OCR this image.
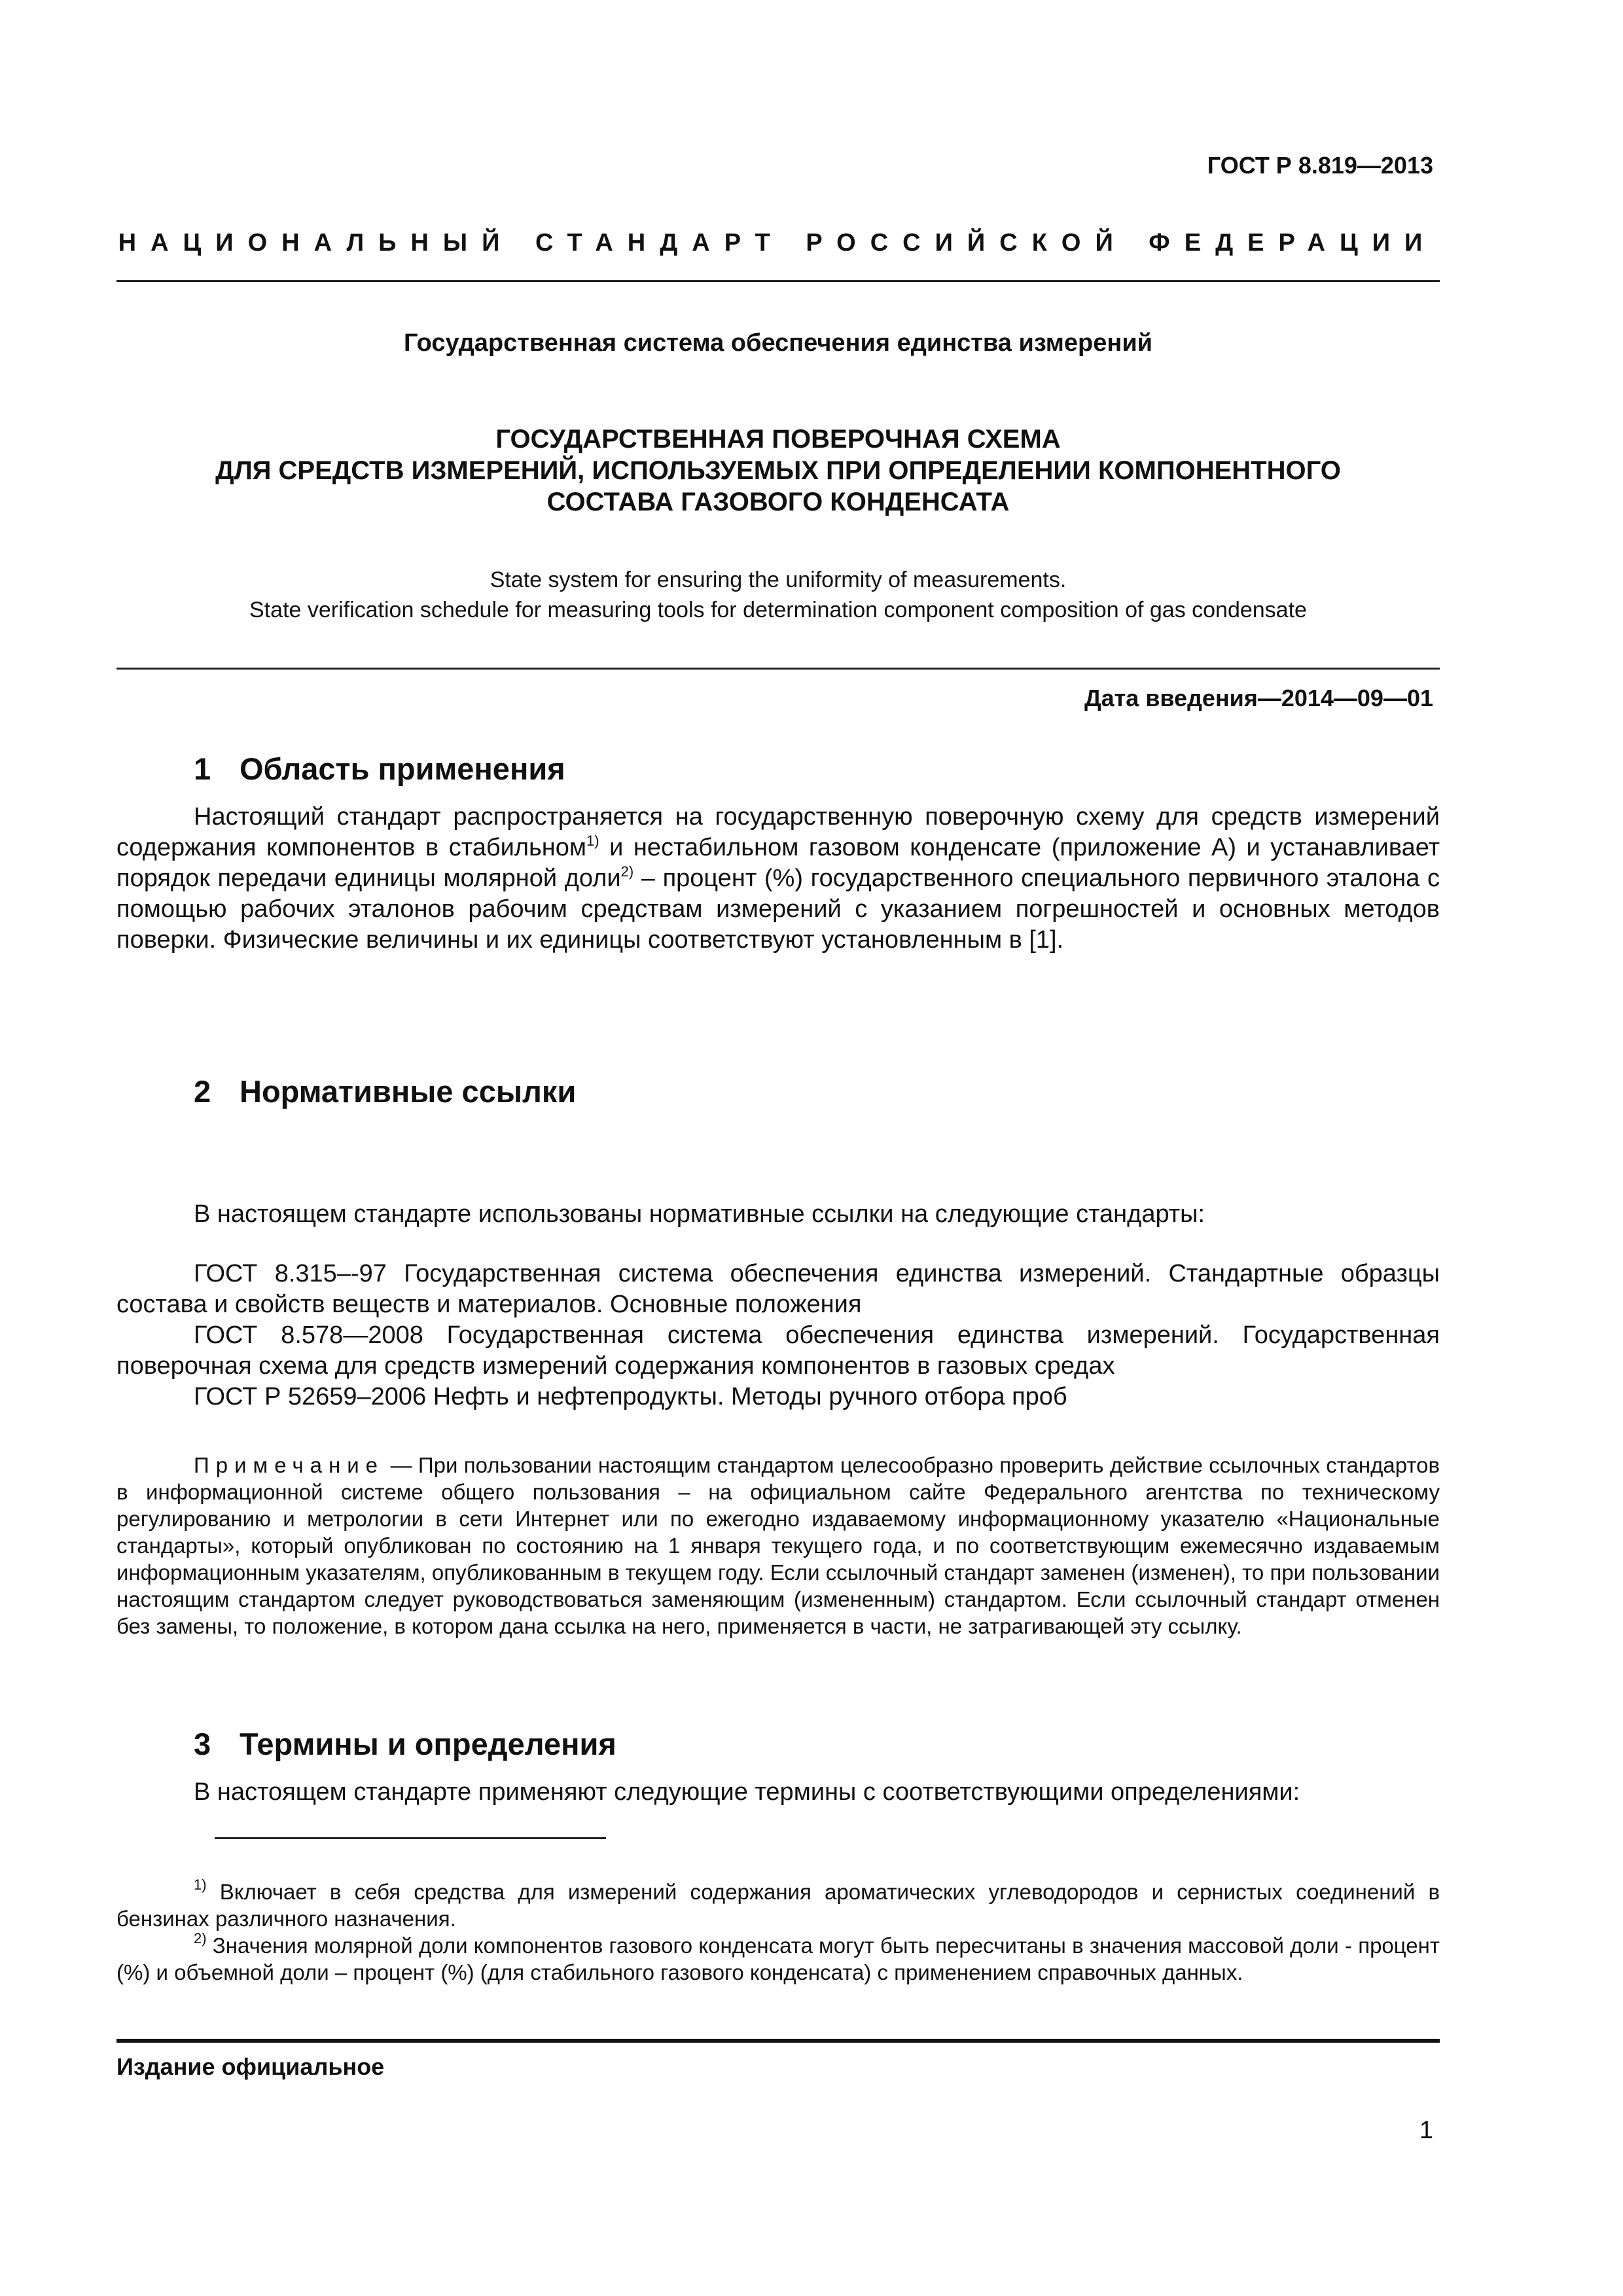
ГОСТ Р 8.819—2013
НАЦИОНАЛЬНЫЙ СТАНДАРТ РОССИЙСКОЙ ФЕДЕРАЦИИ
Государственная система обеспечения единства измерений
ГОСУДАРСТВЕННАЯ ПОВЕРОЧНАЯ СХЕМА
ДЛЯ СРЕДСТВ ИЗМЕРЕНИЙ, ИСПОЛЬЗУЕМЫХ ПРИ ОПРЕДЕЛЕНИИ КОМПОНЕНТНОГО
СОСТАВА ГАЗОВОГО КОНДЕНСАТА
State system for ensuring the uniformity of measurements.
State verification schedule for measuring tools for determination component composition of gas condensate
Дата введения—2014—09—01
1 Область применения
Настоящий стандарт распространяется на государственную поверочную схему для средств измерений содержания компонентов в стабильном$^{1)}$ и нестабильном газовом конденсате (приложение А) и устанавливает порядок передачи единицы молярной доли$^{2)}$ – процент (%) государственного специального первичного эталона с помощью рабочих эталонов рабочим средствам измерений с указанием погрешностей и основных методов поверки. Физические величины и их единицы соответствуют установленным в [1].
2 Нормативные ссылки
В настоящем стандарте использованы нормативные ссылки на следующие стандарты:

ГОСТ 8.315–-97 Государственная система обеспечения единства измерений. Стандартные образцы состава и свойств веществ и материалов. Основные положения

ГОСТ 8.578—2008 Государственная система обеспечения единства измерений. Государственная поверочная схема для средств измерений содержания компонентов в газовых средах

ГОСТ Р 52659–2006 Нефть и нефтепродукты. Методы ручного отбора проб

Примечание — При пользовании настоящим стандартом целесообразно проверить действие ссылочных стандартов в информационной системе общего пользования – на официальном сайте Федерального агентства по техническому регулированию и метрологии в сети Интернет или по ежегодно издаваемому информационному указателю «Национальные стандарты», который опубликован по состоянию на 1 января текущего года, и по соответствующим ежемесячно издаваемым информационным указателям, опубликованным в текущем году. Если ссылочный стандарт заменен (изменен), то при пользовании настоящим стандартом следует руководствоваться заменяющим (измененным) стандартом. Если ссылочный стандарт отменен без замены, то положение, в котором дана ссылка на него, применяется в части, не затрагивающей эту ссылку.
3 Термины и определения
В настоящем стандарте применяют следующие термины с соответствующими определениями:

$^{1)}$ Включает в себя средства для измерений содержания ароматических углеводородов и сернистых соединений в бензинах различного назначения.

$^{2)}$ Значения молярной доли компонентов газового конденсата могут быть пересчитаны в значения массовой доли - процент (%) и объемной доли – процент (%) (для стабильного газового конденсата) с применением справочных данных.

Издание официальное
1
